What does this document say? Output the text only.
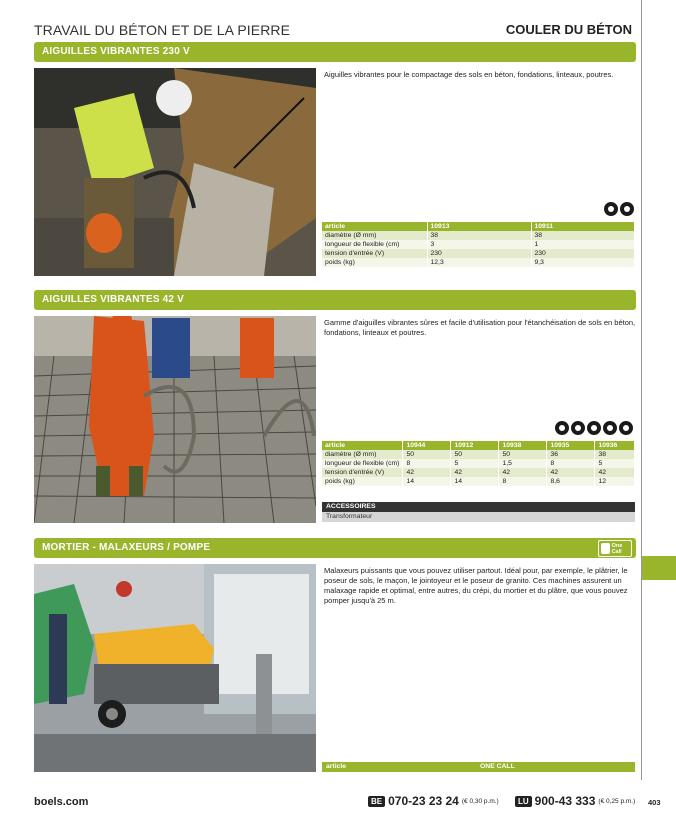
TRAVAIL DU BÉTON ET DE LA PIERRE	COULER DU BÉTON
AIGUILLES VIBRANTES 230 V
Aiguilles vibrantes pour le compactage des sols en béton, fondations, linteaux, poutres.
article	10913	10911
diamètre (Ø mm)	38	38
longueur de flexible (cm)	3	1
tension d'entrée (V)	230	230
poids (kg)	12,3	9,3
AIGUILLES VIBRANTES 42 V
Gamme d'aiguilles vibrantes sûres et facile d'utilisation pour l'étanchéisation de sols en béton, fondations, linteaux et poutres.
article	10944	10912	10938	10935	10936
diamètre (Ø mm)	50	50	50	36	38
longueur de flexible (cm)	8	5	1,5	8	5
tension d'entrée (V)	42	42	42	42	42
poids (kg)	14	14	8	8,6	12
ACCESSOIRES
Transformateur
MORTIER - MALAXEURS / POMPE	One Call
Malaxeurs puissants que vous pouvez utiliser partout. Idéal pour, par exemple, le plâtrier, le poseur de sols, le maçon, le jointoyeur et le poseur de granito. Ces machines assurent un malaxage rapide et optimal, entre autres, du crépi, du mortier et du plâtre, que vous pouvez pomper jusqu'à 25 m.
article	ONE CALL
boels.com	BE 070-23 23 24 (€ 0,30 p.m.)	LU 900-43 333 (€ 0,25 p.m.) 403
